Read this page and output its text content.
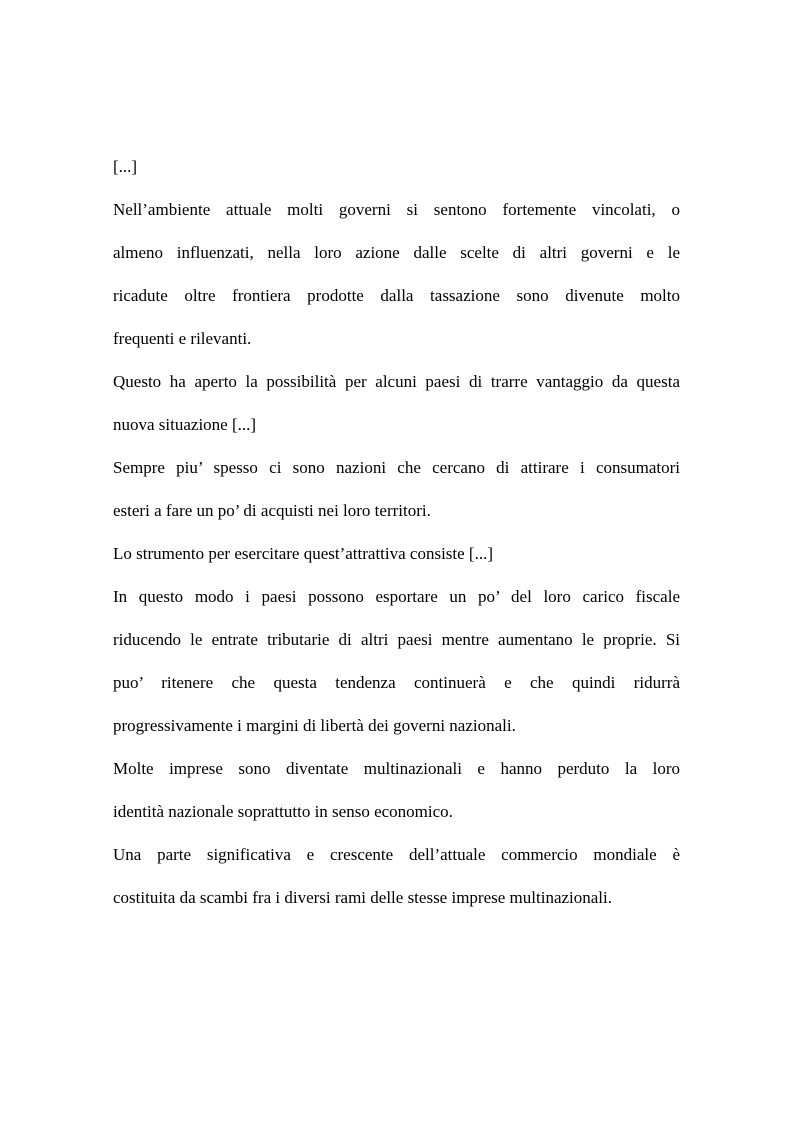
[...]
Nell’ambiente attuale molti governi si sentono fortemente vincolati, o
almeno influenzati, nella loro azione dalle scelte di altri governi e le
ricadute oltre frontiera prodotte dalla tassazione sono divenute molto
frequenti e rilevanti.
Questo ha aperto la possibilità per alcuni paesi di trarre vantaggio da questa
nuova situazione [...]
Sempre piu’ spesso ci sono nazioni che cercano di attirare i consumatori
esteri a fare un po’ di acquisti nei loro territori.
Lo strumento per esercitare quest’attrattiva consiste [...]
In questo modo i paesi possono esportare un po’ del loro carico fiscale
riducendo le entrate tributarie di altri paesi mentre aumentano le proprie. Si
puo’ ritenere che questa tendenza continuerà e che quindi ridurrà
progressivamente i margini di libertà dei governi nazionali.
Molte imprese sono diventate multinazionali e hanno perduto la loro
identità nazionale soprattutto in senso economico.
Una parte significativa e crescente dell’attuale commercio mondiale è
costituita da scambi fra i diversi rami delle stesse imprese multinazionali.
